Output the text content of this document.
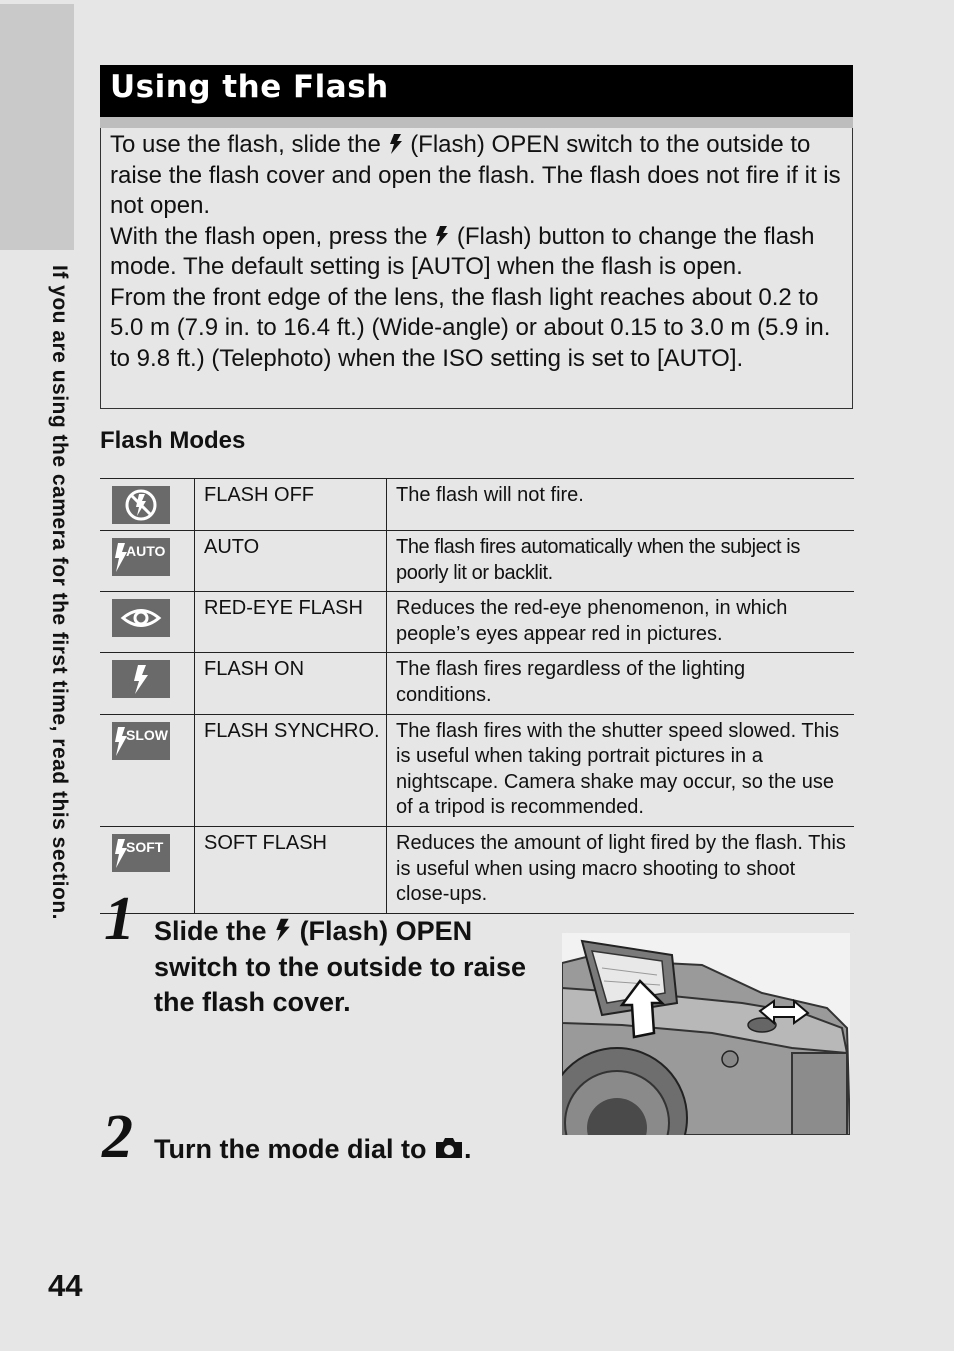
If you are using the camera for the first time, read this section.
Using the Flash

To use the flash, slide the (Flash) OPEN switch to the outside to raise the flash cover and open the flash. The flash does not fire if it is not open.

With the flash open, press the (Flash) button to change the flash mode. The default setting is [AUTO] when the flash is open.

From the front edge of the lens, the flash light reaches about 0.2 to 5.0 m (7.9 in. to 16.4 ft.) (Wide-angle) or about 0.15 to 3.0 m (5.9 in. to 9.8 ft.) (Telephoto) when the ISO setting is set to [AUTO].

Flash Modes

FLASH OFF	The flash will not fire.

AUTO	AUTO	The flash fires automatically when the subject is poorly lit or backlit.

RED-EYE FLASH	Reduces the red-eye phenomenon, in which people’s eyes appear red in pictures.

FLASH ON	The flash fires regardless of the lighting conditions.

SLOW	FLASH SYNCHRO.	The flash fires with the shutter speed slowed. This is useful when taking portrait pictures in a nightscape. Camera shake may occur, so the use of a tripod is recommended.

SOFT	SOFT FLASH	Reduces the amount of light fired by the flash. This is useful when using macro shooting to shoot close-ups.
1 Slide the (Flash) OPEN
switch to the outside to raise
the flash cover.
2 Turn the mode dial to .
44
